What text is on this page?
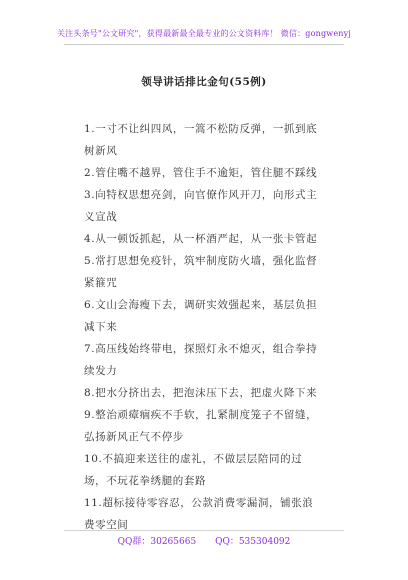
关注头条号"公文研究"，获得最新最全最专业的公文资料库！ 微信：gongwenyj
领导讲话排比金句(55例)

1.一寸不让纠四风，一篙不松防反弹，一抓到底树新风

2.管住嘴不越界，管住手不逾矩，管住腿不踩线

3.向特权思想亮剑，向官僚作风开刀，向形式主义宣战

4.从一顿饭抓起，从一杯酒严起，从一张卡管起

5.常打思想免疫针，筑牢制度防火墙，强化监督紧箍咒

6.文山会海瘦下去，调研实效强起来，基层负担减下来

7.高压线始终带电，探照灯永不熄灭，组合拳持续发力

8.把水分挤出去，把泡沫压下去，把虚火降下来

9.整治顽瘴痼疾不手软，扎紧制度笼子不留缝，弘扬新风正气不停步

10.不搞迎来送往的虚礼，不做层层陪同的过场，不玩花拳绣腿的套路

11.超标接待零容忍，公款消费零漏洞，铺张浪费零空间

QQ群：30265665 QQ：535304092
